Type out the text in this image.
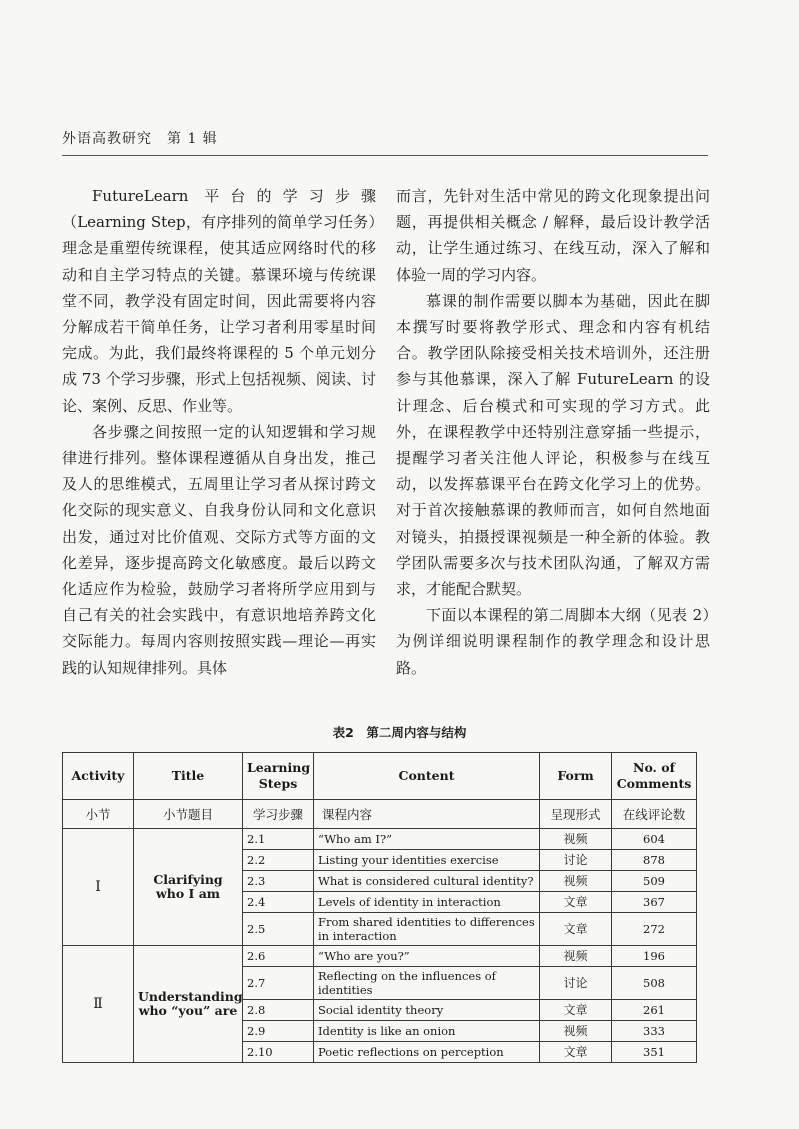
外语高教研究　第 1 辑

FutureLearn 平台的学习步骤（Learning Step，有序排列的简单学习任务）理念是重塑传统课程，使其适应网络时代的移动和自主学习特点的关键。慕课环境与传统课堂不同，教学没有固定时间，因此需要将内容分解成若干简单任务，让学习者利用零星时间完成。为此，我们最终将课程的 5 个单元划分成 73 个学习步骤，形式上包括视频、阅读、讨论、案例、反思、作业等。

各步骤之间按照一定的认知逻辑和学习规律进行排列。整体课程遵循从自身出发，推己及人的思维模式，五周里让学习者从探讨跨文化交际的现实意义、自我身份认同和文化意识出发，通过对比价值观、交际方式等方面的文化差异，逐步提高跨文化敏感度。最后以跨文化适应作为检验，鼓励学习者将所学应用到与自己有关的社会实践中，有意识地培养跨文化交际能力。每周内容则按照实践—理论—再实践的认知规律排列。具体

而言，先针对生活中常见的跨文化现象提出问题，再提供相关概念 / 解释，最后设计教学活动，让学生通过练习、在线互动，深入了解和体验一周的学习内容。

慕课的制作需要以脚本为基础，因此在脚本撰写时要将教学形式、理念和内容有机结合。教学团队除接受相关技术培训外，还注册参与其他慕课，深入了解 FutureLearn 的设计理念、后台模式和可实现的学习方式。此外，在课程教学中还特别注意穿插一些提示，提醒学习者关注他人评论，积极参与在线互动，以发挥慕课平台在跨文化学习上的优势。对于首次接触慕课的教师而言，如何自然地面对镜头，拍摄授课视频是一种全新的体验。教学团队需要多次与技术团队沟通，了解双方需求，才能配合默契。

下面以本课程的第二周脚本大纲（见表 2）为例详细说明课程制作的教学理念和设计思路。

表2　第二周内容与结构
Activity	Title	Learning Steps	Content	Form	No. of Comments
小节	小节题目	学习步骤	课程内容	呈现形式	在线评论数
Ⅰ	Clarifying who I am	2.1	“Who am I?”	视频	604
		2.2	Listing your identities exercise	讨论	878
		2.3	What is considered cultural identity?	视频	509
		2.4	Levels of identity in interaction	文章	367
		2.5	From shared identities to differences in interaction	文章	272
Ⅱ	Understanding who “you” are	2.6	“Who are you?”	视频	196
		2.7	Reflecting on the influences of identities	讨论	508
		2.8	Social identity theory	文章	261
		2.9	Identity is like an onion	视频	333
		2.10	Poetic reflections on perception	文章	351
